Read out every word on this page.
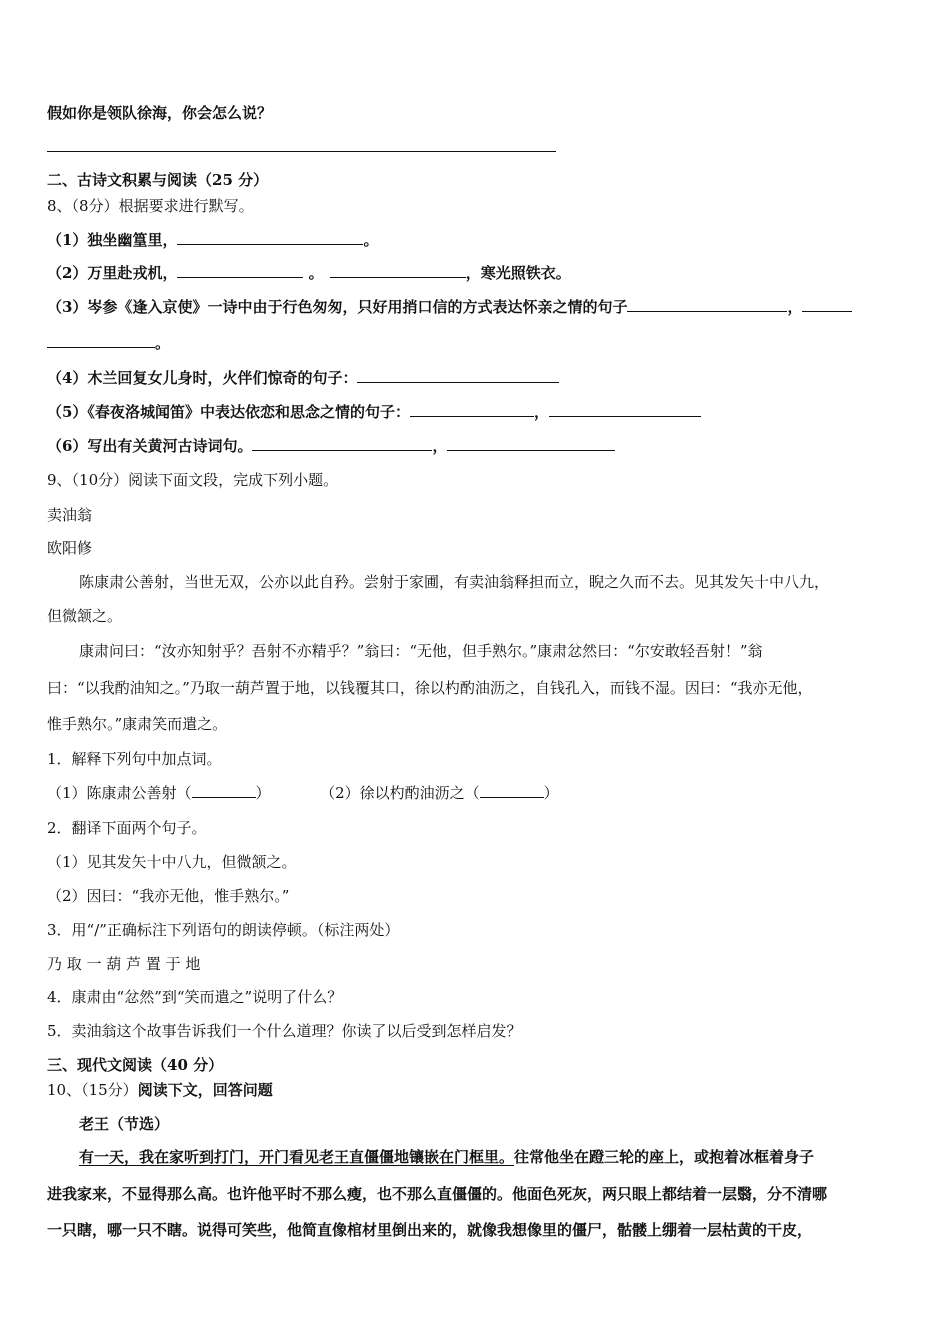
假如你是领队徐海，你会怎么说？
二、古诗文积累与阅读（25 分）
8、（8分）根据要求进行默写。
（1）独坐幽篁里，	。
（2）万里赴戎机，	。	，寒光照铁衣。
（3）岑参《逢入京使》一诗中由于行色匆匆，只好用捎口信的方式表达怀亲之情的句子	，
。
（4）木兰回复女儿身时，火伴们惊奇的句子：
（5）《春夜洛城闻笛》中表达依恋和思念之情的句子：	，
（6）写出有关黄河古诗词句。	，
9、（10分）阅读下面文段，完成下列小题。
卖油翁
欧阳修
陈康肃公善射，当世无双，公亦以此自矜。尝射于家圃，有卖油翁释担而立，睨之久而不去。见其发矢十中八九，
但微颔之。
康肃问曰：“汝亦知射乎？吾射不亦精乎？”翁曰：“无他，但手熟尔。”康肃忿然曰：“尔安敢轻吾射！”翁
曰：“以我酌油知之。”乃取一葫芦置于地，以钱覆其口，徐以杓酌油沥之，自钱孔入，而钱不湿。因曰：“我亦无他，
惟手熟尔。”康肃笑而遣之。
1．解释下列句中加点词。
（1）陈康肃公善射（	）	（2）徐以杓酌油沥之（	）
2．翻译下面两个句子。
（1）见其发矢十中八九，但微颔之。
（2）因曰：“我亦无他，惟手熟尔。”
3．用“/”正确标注下列语句的朗读停顿。（标注两处）
乃 取 一 葫 芦 置 于 地
4．康肃由“忿然”到“笑而遣之”说明了什么？
5．卖油翁这个故事告诉我们一个什么道理？你读了以后受到怎样启发？
三、现代文阅读（40 分）
10、（15分）阅读下文，回答问题
老王（节选）
有一天，我在家听到打门，开门看见老王直僵僵地镶嵌在门框里。往常他坐在蹬三轮的座上，或抱着冰框着身子
进我家来，不显得那么高。也许他平时不那么瘦，也不那么直僵僵的。他面色死灰，两只眼上都结着一层翳，分不清哪
一只瞎，哪一只不瞎。说得可笑些，他简直像棺材里倒出来的，就像我想像里的僵尸，骷髅上绷着一层枯黄的干皮，
